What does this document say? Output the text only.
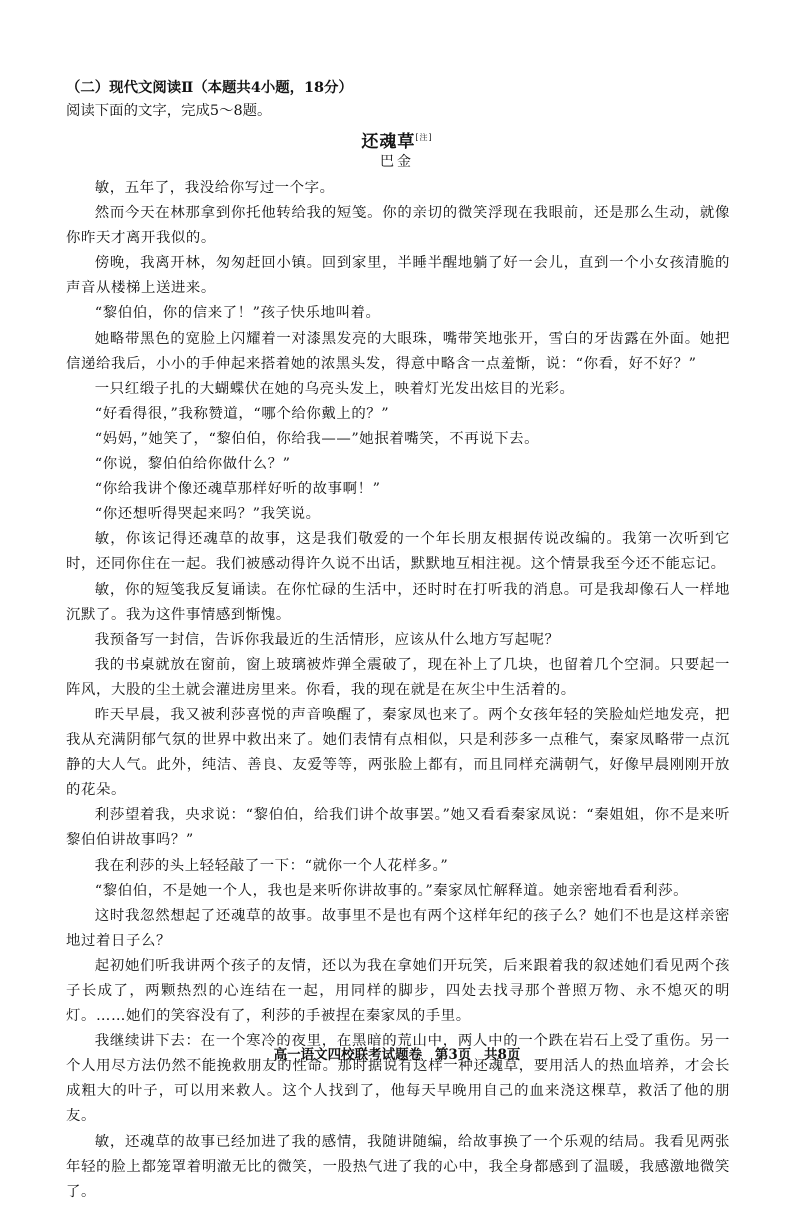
（二）现代文阅读Ⅱ（本题共4小题，18分）
阅读下面的文字，完成5～8题。
还魂草[注]
巴金

敏，五年了，我没给你写过一个字。

然而今天在林那拿到你托他转给我的短笺。你的亲切的微笑浮现在我眼前，还是那么生动，就像你昨天才离开我似的。

傍晚，我离开林，匆匆赶回小镇。回到家里，半睡半醒地躺了好一会儿，直到一个小女孩清脆的声音从楼梯上送进来。

“黎伯伯，你的信来了！”孩子快乐地叫着。

她略带黑色的宽脸上闪耀着一对漆黑发亮的大眼珠，嘴带笑地张开，雪白的牙齿露在外面。她把信递给我后，小小的手伸起来搭着她的浓黑头发，得意中略含一点羞惭，说：“你看，好不好？”

一只红缎子扎的大蝴蝶伏在她的乌亮头发上，映着灯光发出炫目的光彩。

“好看得很，”我称赞道，“哪个给你戴上的？”

“妈妈，”她笑了，“黎伯伯，你给我——”她抿着嘴笑，不再说下去。

“你说，黎伯伯给你做什么？”

“你给我讲个像还魂草那样好听的故事啊！”

“你还想听得哭起来吗？”我笑说。

敏，你该记得还魂草的故事，这是我们敬爱的一个年长朋友根据传说改编的。我第一次听到它时，还同你住在一起。我们被感动得许久说不出话，默默地互相注视。这个情景我至今还不能忘记。

敏，你的短笺我反复诵读。在你忙碌的生活中，还时时在打听我的消息。可是我却像石人一样地沉默了。我为这件事情感到惭愧。

我预备写一封信，告诉你我最近的生活情形，应该从什么地方写起呢？

我的书桌就放在窗前，窗上玻璃被炸弹全震破了，现在补上了几块，也留着几个空洞。只要起一阵风，大股的尘土就会灌进房里来。你看，我的现在就是在灰尘中生活着的。

昨天早晨，我又被利莎喜悦的声音唤醒了，秦家凤也来了。两个女孩年轻的笑脸灿烂地发亮，把我从充满阴郁气氛的世界中救出来了。她们表情有点相似，只是利莎多一点稚气，秦家凤略带一点沉静的大人气。此外，纯洁、善良、友爱等等，两张脸上都有，而且同样充满朝气，好像早晨刚刚开放的花朵。

利莎望着我，央求说：“黎伯伯，给我们讲个故事罢。”她又看看秦家凤说：“秦姐姐，你不是来听黎伯伯讲故事吗？”

我在利莎的头上轻轻敲了一下：“就你一个人花样多。”

“黎伯伯，不是她一个人，我也是来听你讲故事的。”秦家凤忙解释道。她亲密地看看利莎。

这时我忽然想起了还魂草的故事。故事里不是也有两个这样年纪的孩子么？她们不也是这样亲密地过着日子么？

起初她们听我讲两个孩子的友情，还以为我在拿她们开玩笑，后来跟着我的叙述她们看见两个孩子长成了，两颗热烈的心连结在一起，用同样的脚步，四处去找寻那个普照万物、永不熄灭的明灯。……她们的笑容没有了，利莎的手被捏在秦家凤的手里。

我继续讲下去：在一个寒冷的夜里，在黑暗的荒山中，两人中的一个跌在岩石上受了重伤。另一个人用尽方法仍然不能挽救朋友的性命。那时据说有这样一种还魂草，要用活人的热血培养，才会长成粗大的叶子，可以用来救人。这个人找到了，他每天早晚用自己的血来浇这棵草，救活了他的朋友。

敏，还魂草的故事已经加进了我的感情，我随讲随编，给故事换了一个乐观的结局。我看见两张年轻的脸上都笼罩着明澈无比的微笑，一股热气进了我的心中，我全身都感到了温暖，我感激地微笑了。

高一语文四校联考试题卷 第3页 共8页
